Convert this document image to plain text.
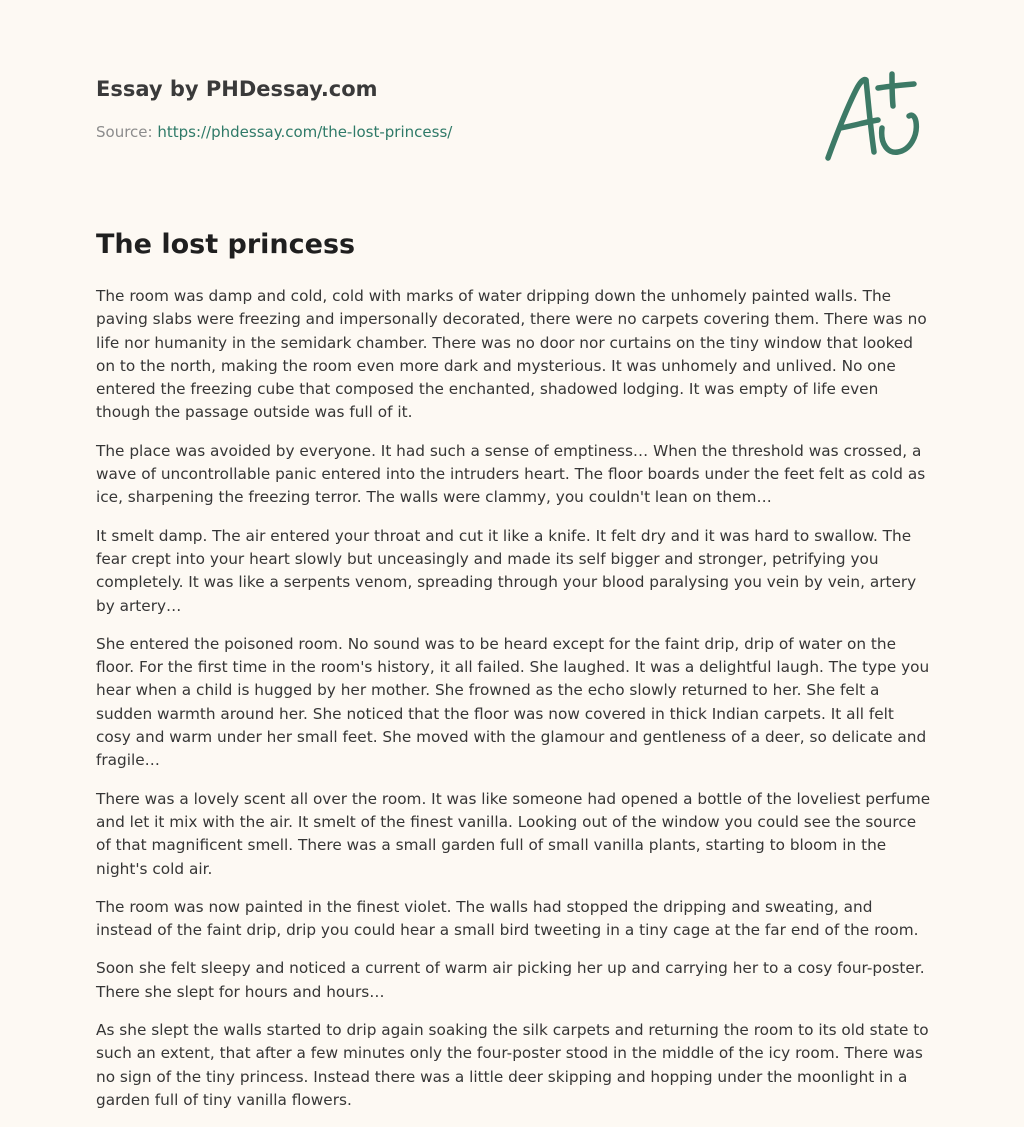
Essay by PHDessay.com
Source: https://phdessay.com/the-lost-princess/
The lost princess

The room was damp and cold, cold with marks of water dripping down the unhomely painted walls. The paving slabs were freezing and impersonally decorated, there were no carpets covering them. There was no life nor humanity in the semidark chamber. There was no door nor curtains on the tiny window that looked on to the north, making the room even more dark and mysterious. It was unhomely and unlived. No one entered the freezing cube that composed the enchanted, shadowed lodging. It was empty of life even though the passage outside was full of it.

The place was avoided by everyone. It had such a sense of emptiness… When the threshold was crossed, a wave of uncontrollable panic entered into the intruders heart. The floor boards under the feet felt as cold as ice, sharpening the freezing terror. The walls were clammy, you couldn't lean on them…

It smelt damp. The air entered your throat and cut it like a knife. It felt dry and it was hard to swallow. The fear crept into your heart slowly but unceasingly and made its self bigger and stronger, petrifying you completely. It was like a serpents venom, spreading through your blood paralysing you vein by vein, artery by artery…

She entered the poisoned room. No sound was to be heard except for the faint drip, drip of water on the floor. For the first time in the room's history, it all failed. She laughed. It was a delightful laugh. The type you hear when a child is hugged by her mother. She frowned as the echo slowly returned to her. She felt a sudden warmth around her. She noticed that the floor was now covered in thick Indian carpets. It all felt cosy and warm under her small feet. She moved with the glamour and gentleness of a deer, so delicate and fragile…

There was a lovely scent all over the room. It was like someone had opened a bottle of the loveliest perfume and let it mix with the air. It smelt of the finest vanilla. Looking out of the window you could see the source of that magnificent smell. There was a small garden full of small vanilla plants, starting to bloom in the night's cold air.

The room was now painted in the finest violet. The walls had stopped the dripping and sweating, and instead of the faint drip, drip you could hear a small bird tweeting in a tiny cage at the far end of the room.

Soon she felt sleepy and noticed a current of warm air picking her up and carrying her to a cosy four-poster. There she slept for hours and hours…

As she slept the walls started to drip again soaking the silk carpets and returning the room to its old state to such an extent, that after a few minutes only the four-poster stood in the middle of the icy room. There was no sign of the tiny princess. Instead there was a little deer skipping and hopping under the moonlight in a garden full of tiny vanilla flowers.
